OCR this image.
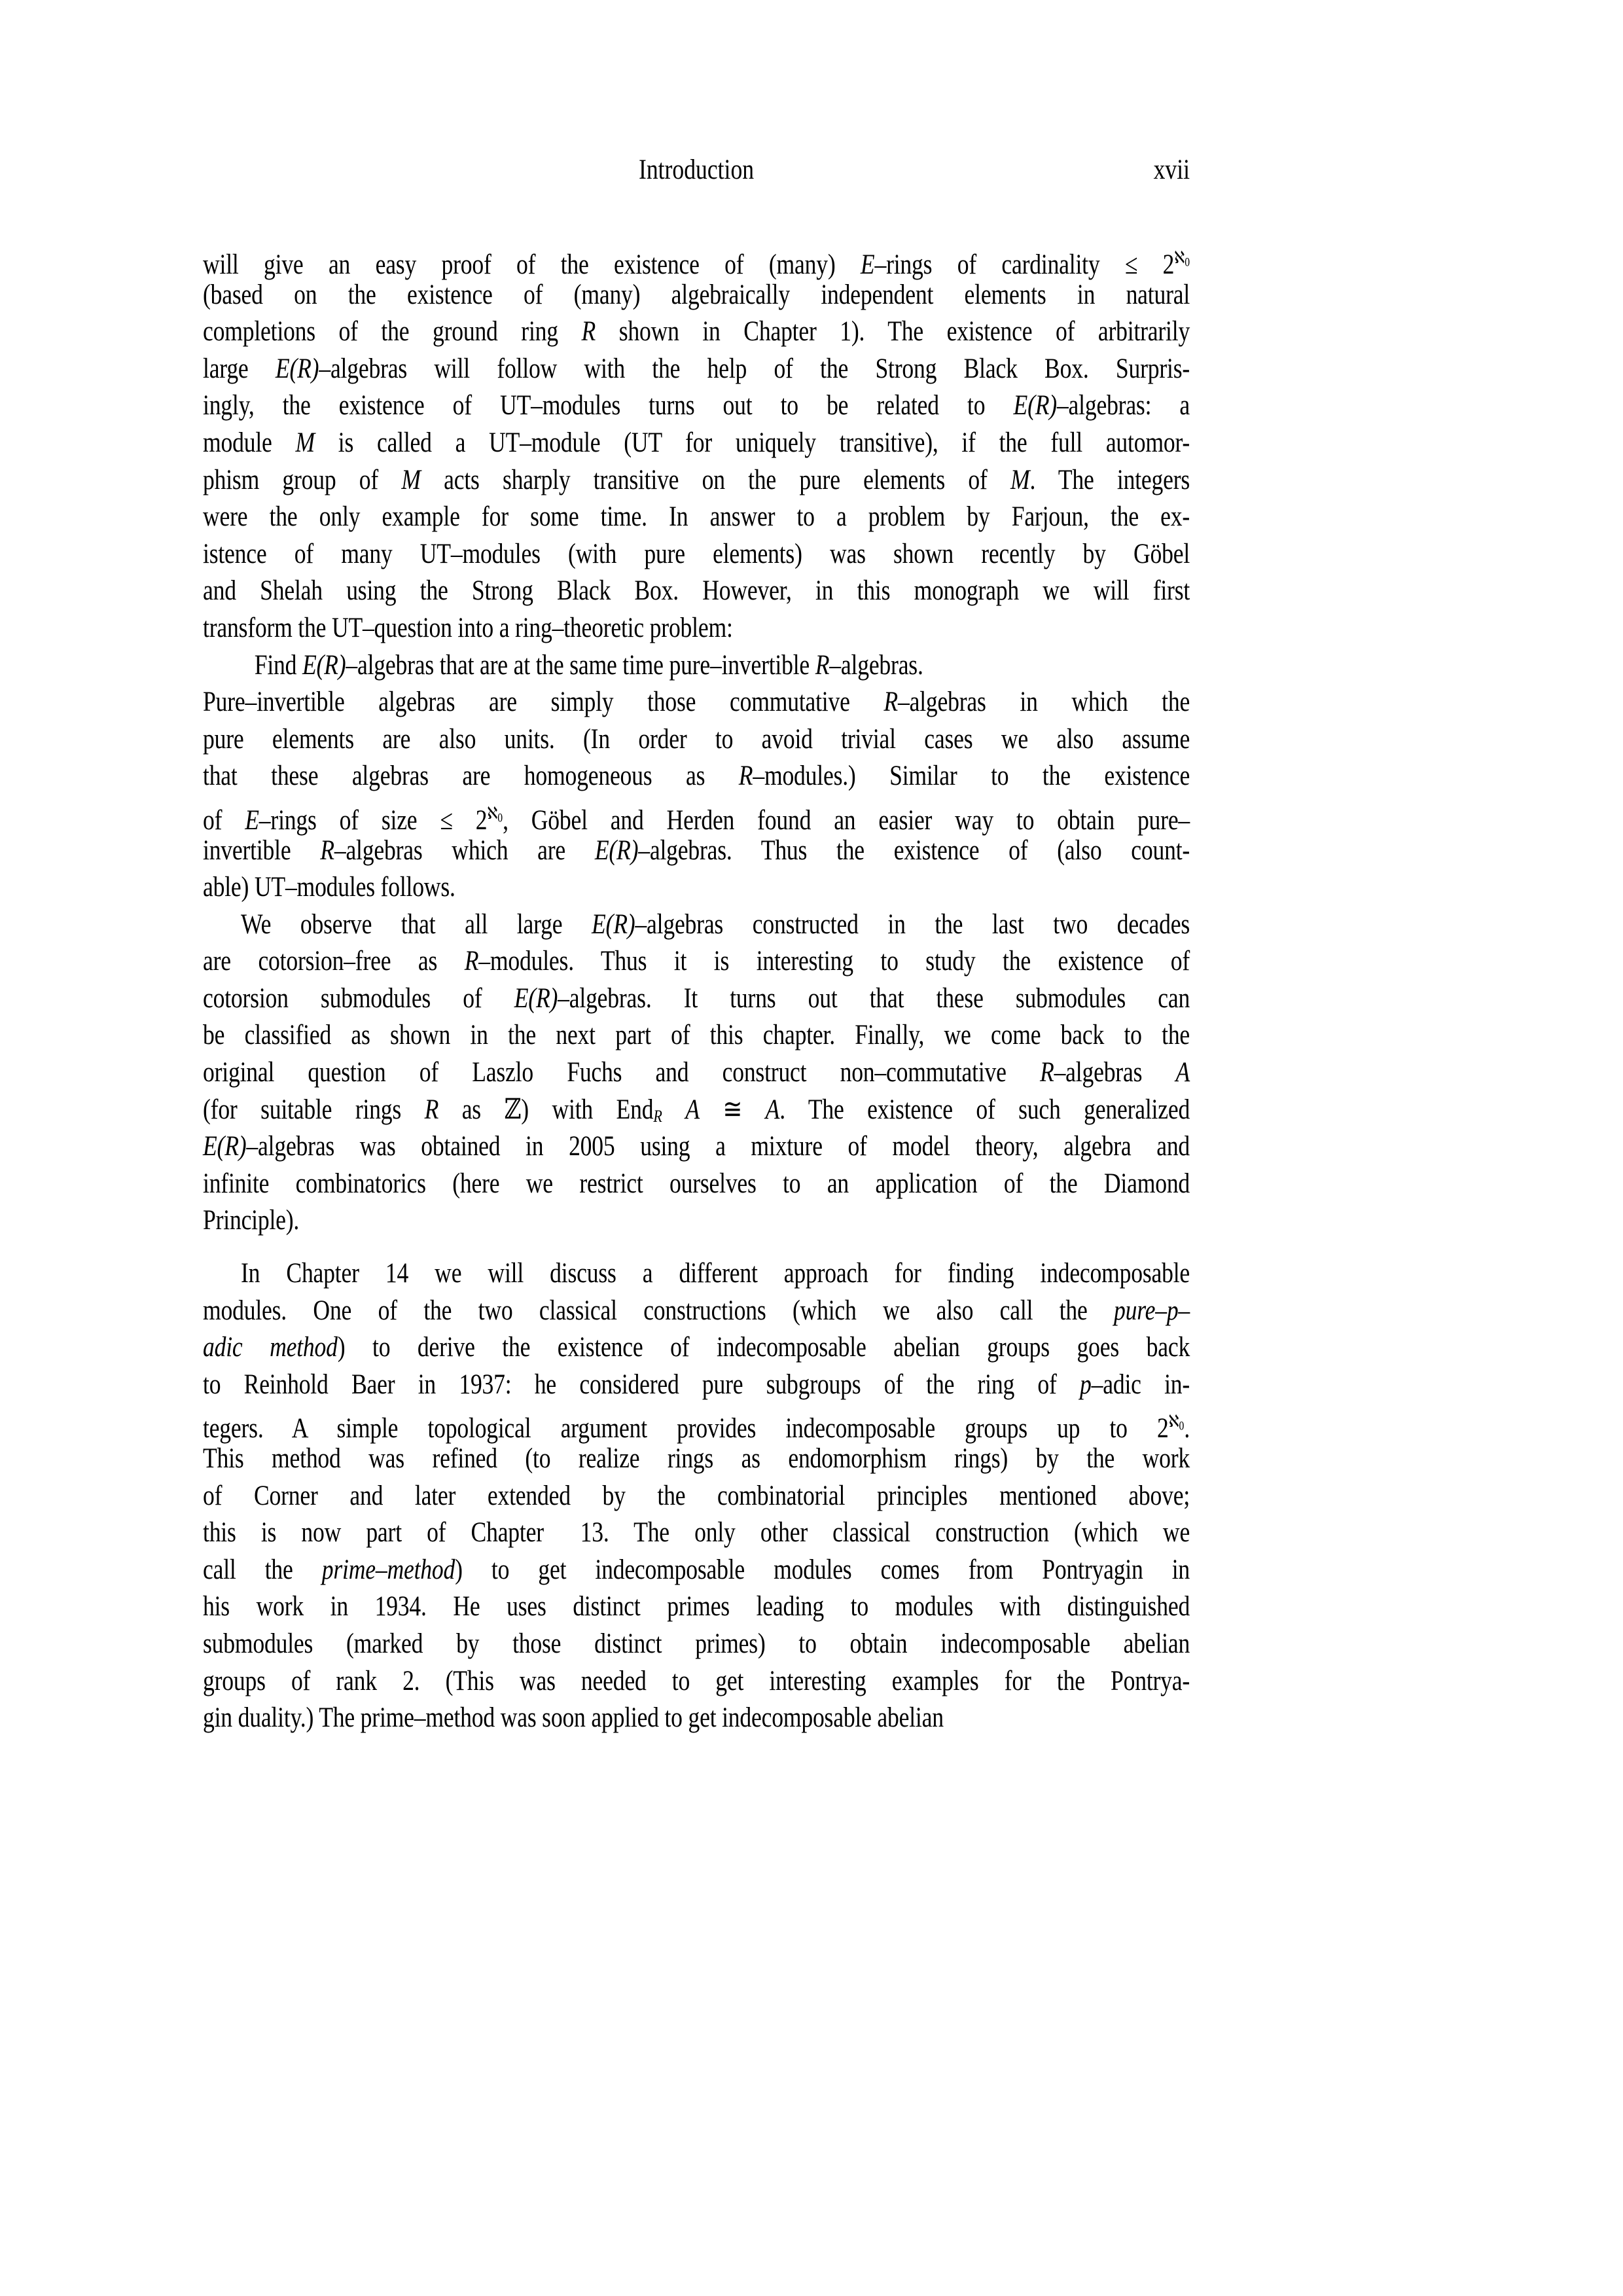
Introduction	xvii
will give an easy proof of the existence of (many) E–rings of cardinality ≤ $2^{ℵ0}$
(based on the existence of (many) algebraically independent elements in natural
completions of the ground ring R shown in Chapter 1). The existence of arbitrarily
large E(R)–algebras will follow with the help of the Strong Black Box. Surpris-
ingly, the existence of UT–modules turns out to be related to E(R)–algebras: a
module M is called a UT–module (UT for uniquely transitive), if the full automor-
phism group of M acts sharply transitive on the pure elements of M. The integers
were the only example for some time. In answer to a problem by Farjoun, the ex-
istence of many UT–modules (with pure elements) was shown recently by Göbel
and Shelah using the Strong Black Box. However, in this monograph we will first
transform the UT–question into a ring–theoretic problem:
Find E(R)–algebras that are at the same time pure–invertible R–algebras.
Pure–invertible algebras are simply those commutative R–algebras in which the
pure elements are also units. (In order to avoid trivial cases we also assume
that these algebras are homogeneous as R–modules.) Similar to the existence
of E–rings of size ≤ $2^{ℵ0}$, Göbel and Herden found an easier way to obtain pure–
invertible R–algebras which are E(R)–algebras. Thus the existence of (also count-
able) UT–modules follows.
We observe that all large E(R)–algebras constructed in the last two decades
are cotorsion–free as R–modules. Thus it is interesting to study the existence of
cotorsion submodules of E(R)–algebras. It turns out that these submodules can
be classified as shown in the next part of this chapter. Finally, we come back to the
original question of Laszlo Fuchs and construct non–commutative R–algebras A
(for suitable rings R as ℤ) with EndR A ≅ A. The existence of such generalized
E(R)–algebras was obtained in 2005 using a mixture of model theory, algebra and
infinite combinatorics (here we restrict ourselves to an application of the Diamond
Principle).
In Chapter 14 we will discuss a different approach for finding indecomposable
modules. One of the two classical constructions (which we also call the pure–p–
adic method) to derive the existence of indecomposable abelian groups goes back
to Reinhold Baer in 1937: he considered pure subgroups of the ring of p–adic in-
tegers. A simple topological argument provides indecomposable groups up to $2^{ℵ0}$.
This method was refined (to realize rings as endomorphism rings) by the work
of Corner and later extended by the combinatorial principles mentioned above;
this is now part of Chapter  13. The only other classical construction (which we
call the prime–method) to get indecomposable modules comes from Pontryagin in
his work in 1934. He uses distinct primes leading to modules with distinguished
submodules (marked by those distinct primes) to obtain indecomposable abelian
groups of rank 2. (This was needed to get interesting examples for the Pontrya-
gin duality.) The prime–method was soon applied to get indecomposable abelian
